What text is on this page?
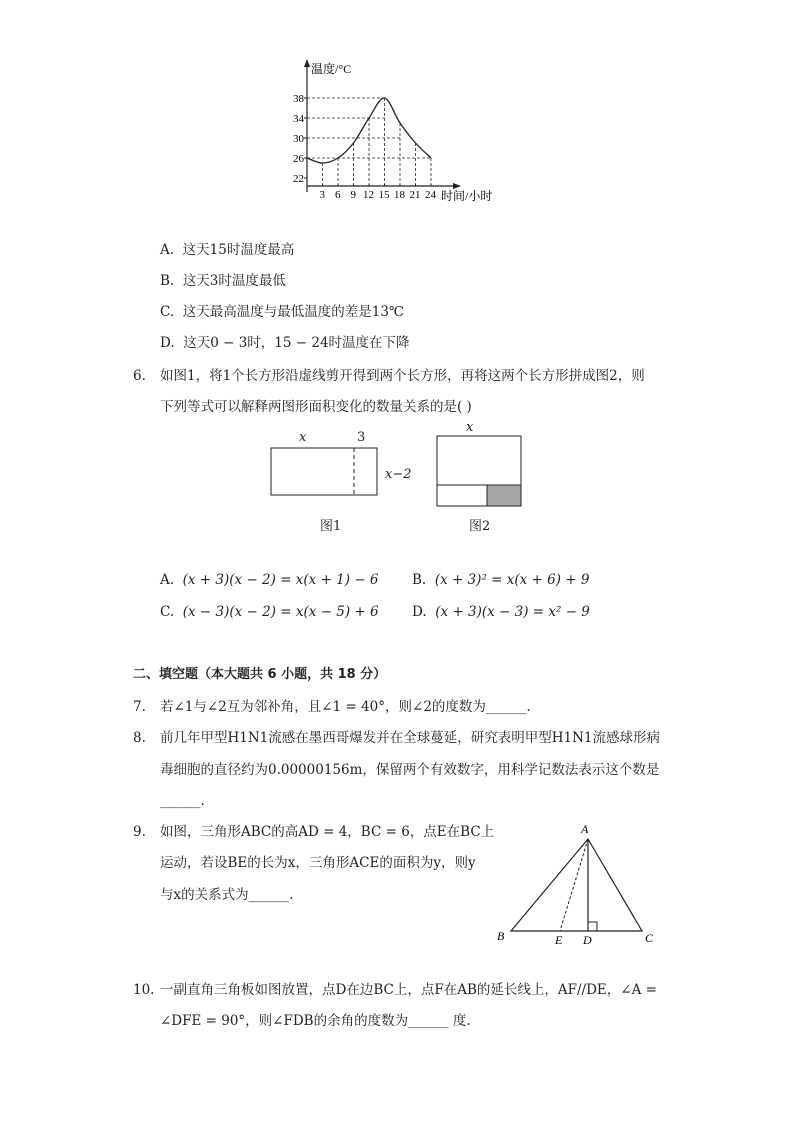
温度/°C
时间/小时
22
26
30
34
38
3 6 9 12 15 18 21 24
A. 这天15时温度最高
B. 这天3时温度最低
C. 这天最高温度与最低温度的差是13℃
D. 这天0 − 3时，15 − 24时温度在下降
6. 如图1，将1个长方形沿虚线剪开得到两个长方形，再将这两个长方形拼成图2，则
下列等式可以解释两图形面积变化的数量关系的是( )
x	3
x−2
图1
x
图2
A. (x + 3)(x − 2) = x(x + 1) − 6 B. (x + 3)² = x(x + 6) + 9
C. (x − 3)(x − 2) = x(x − 5) + 6 D. (x + 3)(x − 3) = x² − 9
二、填空题（本大题共 6 小题，共 18 分）
7. 若∠1与∠2互为邻补角，且∠1 = 40°，则∠2的度数为______.
8. 前几年甲型H1N1流感在墨西哥爆发并在全球蔓延，研究表明甲型H1N1流感球形病
毒细胞的直径约为0.00000156m，保留两个有效数字，用科学记数法表示这个数是
______.
9. 如图，三角形ABC的高AD = 4，BC = 6，点E在BC上
运动，若设BE的长为x，三角形ACE的面积为y，则y
与x的关系式为______.
A
B	C
D
E
10. 一副直角三角板如图放置，点D在边BC上，点F在AB的延长线上，AF//DE，∠A =
∠DFE = 90°，则∠FDB的余角的度数为______ 度.
